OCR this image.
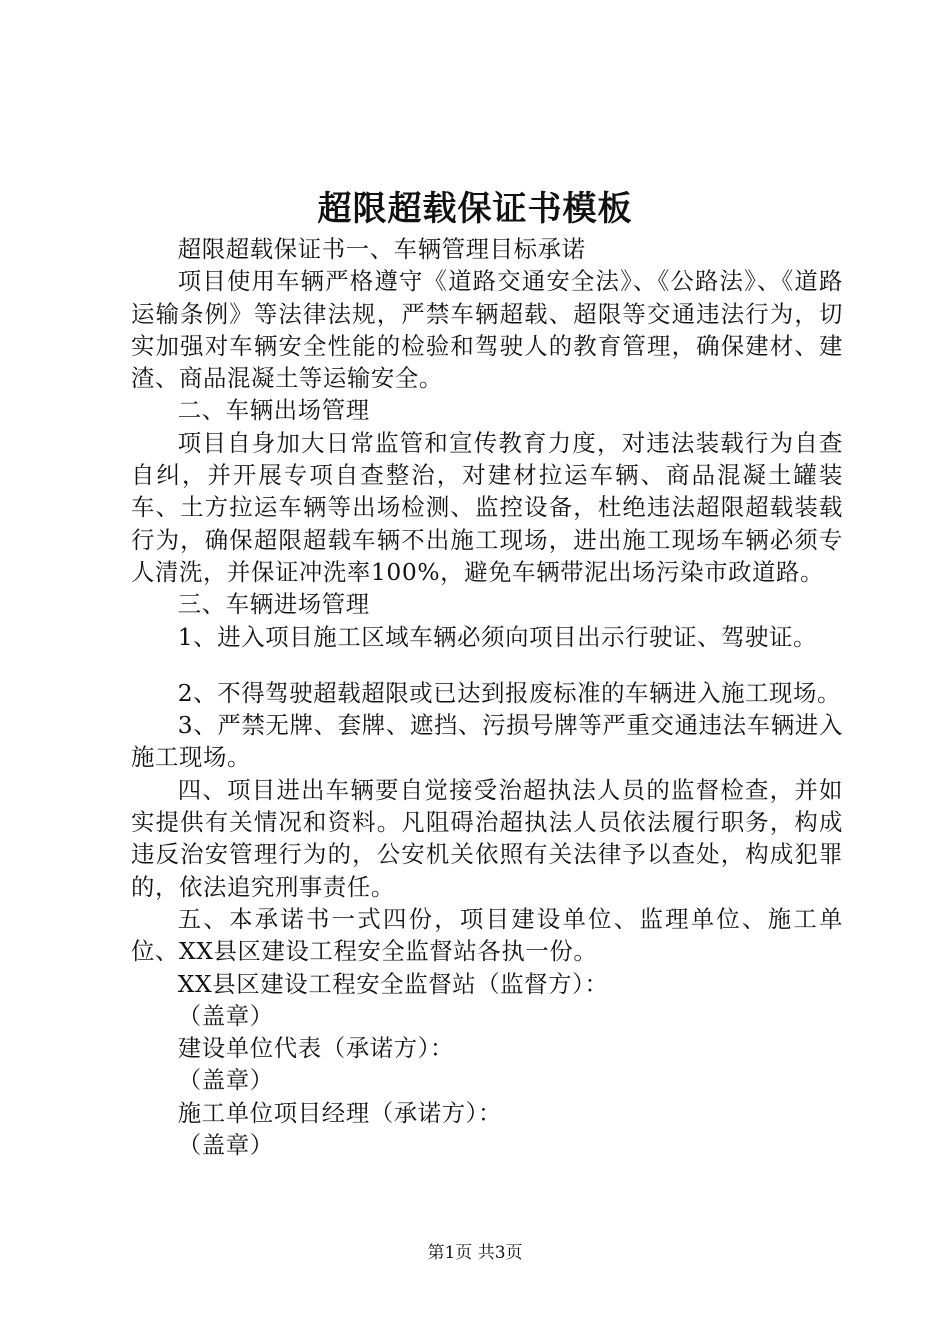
超限超载保证书模板

超限超载保证书一、车辆管理目标承诺

项目使用车辆严格遵守《道路交通安全法》、《公路法》、《道路运输条例》等法律法规，严禁车辆超载、超限等交通违法行为，切实加强对车辆安全性能的检验和驾驶人的教育管理，确保建材、建渣、商品混凝土等运输安全。

二、车辆出场管理

项目自身加大日常监管和宣传教育力度，对违法装载行为自查自纠，并开展专项自查整治，对建材拉运车辆、商品混凝土罐装车、土方拉运车辆等出场检测、监控设备，杜绝违法超限超载装载行为，确保超限超载车辆不出施工现场，进出施工现场车辆必须专人清洗，并保证冲洗率100%，避免车辆带泥出场污染市政道路。

三、车辆进场管理

1、进入项目施工区域车辆必须向项目出示行驶证、驾驶证。

2、不得驾驶超载超限或已达到报废标准的车辆进入施工现场。

3、严禁无牌、套牌、遮挡、污损号牌等严重交通违法车辆进入施工现场。

四、项目进出车辆要自觉接受治超执法人员的监督检查，并如实提供有关情况和资料。凡阻碍治超执法人员依法履行职务，构成违反治安管理行为的，公安机关依照有关法律予以查处，构成犯罪的，依法追究刑事责任。

五、本承诺书一式四份，项目建设单位、监理单位、施工单位、XX县区建设工程安全监督站各执一份。

XX县区建设工程安全监督站（监督方）：

（盖章）

建设单位代表（承诺方）：

（盖章）

施工单位项目经理（承诺方）：

（盖章）

第1页 共3页
